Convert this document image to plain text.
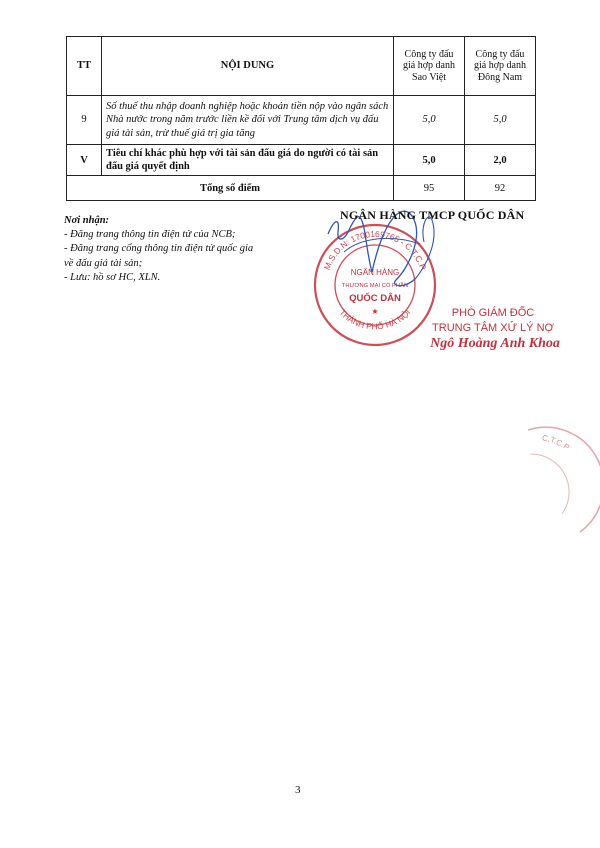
TT	NỘI DUNG	Công ty đấu giá hợp danh Sao Việt	Công ty đấu giá hợp danh Đông Nam
9	Số thuế thu nhập doanh nghiệp hoặc khoản tiền nộp vào ngân sách Nhà nước trong năm trước liền kề đối với Trung tâm dịch vụ đấu giá tài sản, trừ thuế giá trị gia tăng	5,0	5,0
V	Tiêu chí khác phù hợp với tài sản đấu giá do người có tài sản đấu giá quyết định	5,0	2,0
Tổng số điểm		95	92
Nơi nhận:
- Đăng trang thông tin điện tử của NCB;
- Đăng trang cổng thông tin điện tử quốc gia về đấu giá tài sản;
- Lưu: hồ sơ HC, XLN.
M.S.D.N: 1700169765 - C.T.C.P
THÀNH PHỐ HÀ NỘI
NGÂN HÀNG
THƯƠNG MẠI CỔ PHẦN
QUỐC DÂN
★
NGÂN HÀNG TMCP QUỐC DÂN
PHÓ GIÁM ĐỐC
TRUNG TÂM XỬ LÝ NỢ
Ngô Hoàng Anh Khoa
C.T.C.P
3
